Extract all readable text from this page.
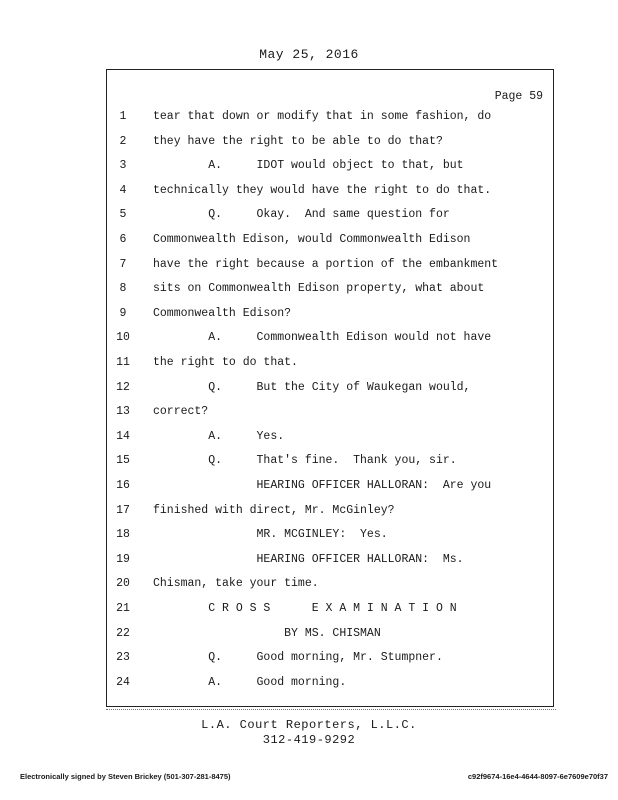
May 25, 2016
Page 59
1	tear that down or modify that in some fashion, do
2	they have the right to be able to do that?
3	A.     IDOT would object to that, but
4	technically they would have the right to do that.
5	Q.     Okay.  And same question for
6	Commonwealth Edison, would Commonwealth Edison
7	have the right because a portion of the embankment
8	sits on Commonwealth Edison property, what about
9	Commonwealth Edison?
10 A.     Commonwealth Edison would not have
11 the right to do that.
12 Q.     But the City of Waukegan would,
13 correct?
14 A.     Yes.
15 Q.     That's fine.  Thank you, sir.
16 HEARING OFFICER HALLORAN:  Are you
17 finished with direct, Mr. McGinley?
18 MR. MCGINLEY:  Yes.
19 HEARING OFFICER HALLORAN:  Ms.
20 Chisman, take your time.
21 C R O S S      E X A M I N A T I O N
22 BY MS. CHISMAN
23 Q.     Good morning, Mr. Stumpner.
24 A.     Good morning.
L.A. Court Reporters, L.L.C.
312-419-9292
Electronically signed by Steven Brickey (501-307-281-8475)	c92f9674-16e4-4644-8097-6e7609e70f37
